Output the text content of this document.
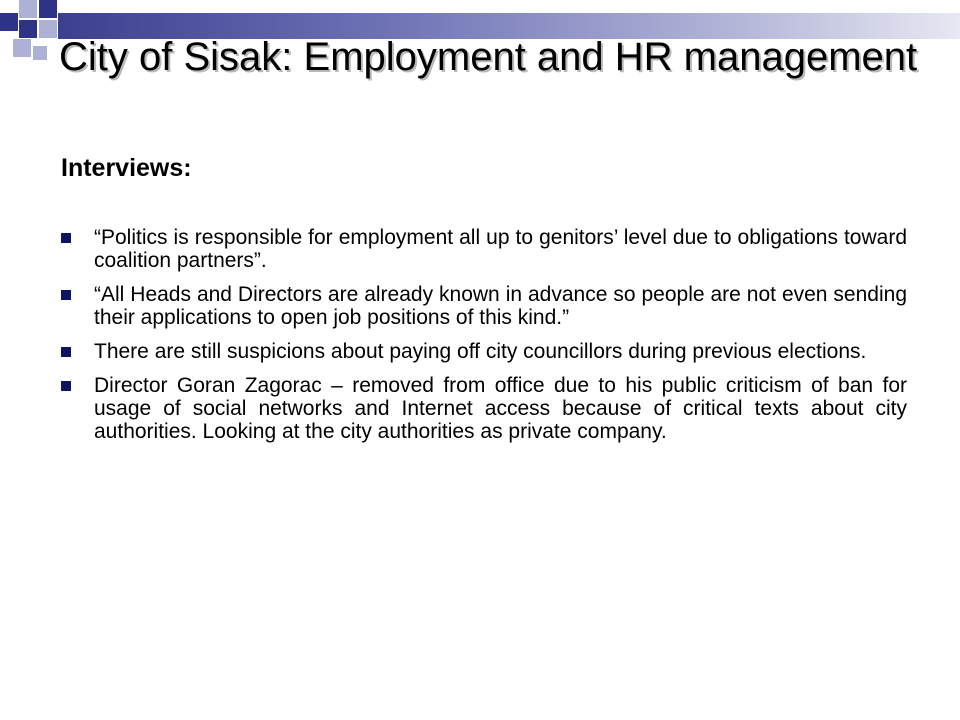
City of Sisak: Employment and HR management
Interviews:
“Politics is responsible for employment all up to genitors’ level due to obligations toward coalition partners”.
“All Heads and Directors are already known in advance so people are not even sending their applications to open job positions of this kind.”
There are still suspicions about paying off city councillors during previous elections.
Director Goran Zagorac – removed from office due to his public criticism of ban for usage of social networks and Internet access because of critical texts about city authorities. Looking at the city authorities as private company.
